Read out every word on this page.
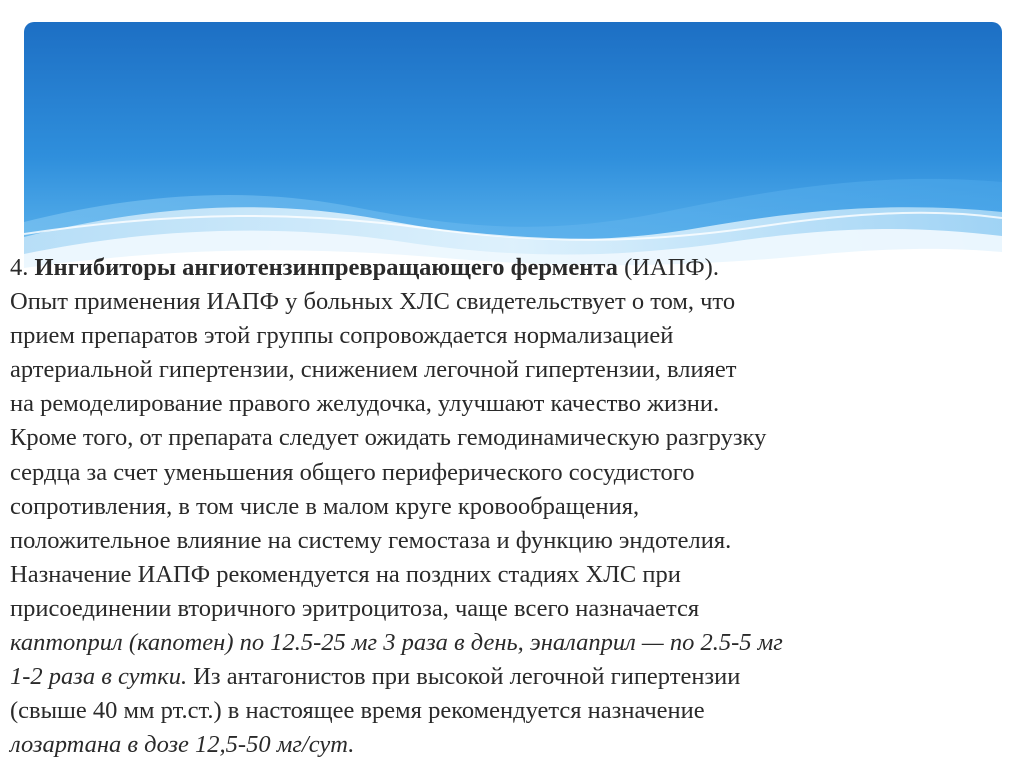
4. Ингибиторы ангиотензинпревращающего фермента (ИАПФ).
Опыт применения ИАПФ у больных ХЛС свидетельствует о том, что
прием препаратов этой группы сопровождается нормализацией
артериальной гипертензии, снижением легочной гипертензии, влияет
на ремоделирование правого желудочка, улучшают качество жизни.
Кроме того, от препарата следует ожидать гемодинамическую разгрузку
сердца за счет уменьшения общего периферического сосудистого
сопротивления, в том числе в малом круге кровообращения,
положительное влияние на систему гемостаза и функцию эндотелия.
Назначение ИАПФ рекомендуется на поздних стадиях ХЛС при
присоединении вторичного эритроцитоза, чаще всего назначается
каптоприл (капотен) по 12.5-25 мг 3 раза в день, эналаприл — по 2.5-5 мг
1-2 раза в сутки. Из антагонистов при высокой легочной гипертензии
(свыше 40 мм рт.ст.) в настоящее время рекомендуется назначение
лозартана в дозе 12,5-50 мг/сут.
